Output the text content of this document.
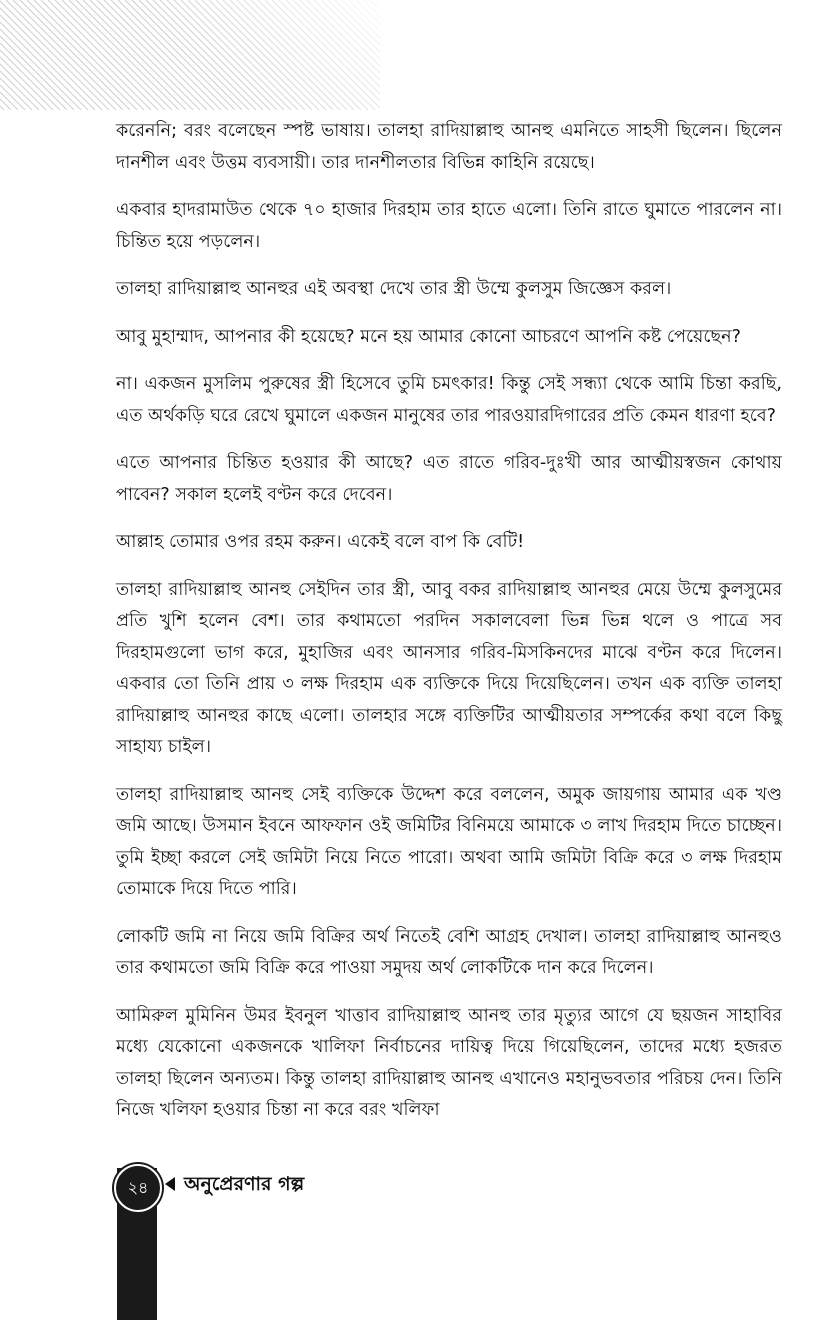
করেননি; বরং বলেছেন স্পষ্ট ভাষায়। তালহা রাদিয়াল্লাহু আনহু এমনিতে সাহসী ছিলেন। ছিলেন দানশীল এবং উত্তম ব্যবসায়ী। তার দানশীলতার বিভিন্ন কাহিনি রয়েছে।

একবার হাদরামাউত থেকে ৭০ হাজার দিরহাম তার হাতে এলো। তিনি রাতে ঘুমাতে পারলেন না। চিন্তিত হয়ে পড়লেন।

তালহা রাদিয়াল্লাহু আনহুর এই অবস্থা দেখে তার স্ত্রী উম্মে কুলসুম জিজ্ঞেস করল।

আবু মুহাম্মাদ, আপনার কী হয়েছে? মনে হয় আমার কোনো আচরণে আপনি কষ্ট পেয়েছেন?

না। একজন মুসলিম পুরুষের স্ত্রী হিসেবে তুমি চমৎকার! কিন্তু সেই সন্ধ্যা থেকে আমি চিন্তা করছি, এত অর্থকড়ি ঘরে রেখে ঘুমালে একজন মানুষের তার পারওয়ারদিগারের প্রতি কেমন ধারণা হবে?

এতে আপনার চিন্তিত হওয়ার কী আছে? এত রাতে গরিব-দুঃখী আর আত্মীয়স্বজন কোথায় পাবেন? সকাল হলেই বণ্টন করে দেবেন।

আল্লাহ তোমার ওপর রহম করুন। একেই বলে বাপ কি বেটি!

তালহা রাদিয়াল্লাহু আনহু সেইদিন তার স্ত্রী, আবু বকর রাদিয়াল্লাহু আনহুর মেয়ে উম্মে কুলসুমের প্রতি খুশি হলেন বেশ। তার কথামতো পরদিন সকালবেলা ভিন্ন ভিন্ন থলে ও পাত্রে সব দিরহামগুলো ভাগ করে, মুহাজির এবং আনসার গরিব-মিসকিনদের মাঝে বণ্টন করে দিলেন। একবার তো তিনি প্রায় ৩ লক্ষ দিরহাম এক ব্যক্তিকে দিয়ে দিয়েছিলেন। তখন এক ব্যক্তি তালহা রাদিয়াল্লাহু আনহুর কাছে এলো। তালহার সঙ্গে ব্যক্তিটির আত্মীয়তার সম্পর্কের কথা বলে কিছু সাহায্য চাইল।

তালহা রাদিয়াল্লাহু আনহু সেই ব্যক্তিকে উদ্দেশ করে বললেন, অমুক জায়গায় আমার এক খণ্ড জমি আছে। উসমান ইবনে আফফান ওই জমিটির বিনিময়ে আমাকে ৩ লাখ দিরহাম দিতে চাচ্ছেন। তুমি ইচ্ছা করলে সেই জমিটা নিয়ে নিতে পারো। অথবা আমি জমিটা বিক্রি করে ৩ লক্ষ দিরহাম তোমাকে দিয়ে দিতে পারি।

লোকটি জমি না নিয়ে জমি বিক্রির অর্থ নিতেই বেশি আগ্রহ দেখাল। তালহা রাদিয়াল্লাহু আনহুও তার কথামতো জমি বিক্রি করে পাওয়া সমুদয় অর্থ লোকটিকে দান করে দিলেন।

আমিরুল মুমিনিন উমর ইবনুল খাত্তাব রাদিয়াল্লাহু আনহু তার মৃত্যুর আগে যে ছয়জন সাহাবির মধ্যে যেকোনো একজনকে খালিফা নির্বাচনের দায়িত্ব দিয়ে গিয়েছিলেন, তাদের মধ্যে হজরত তালহা ছিলেন অন্যতম। কিন্তু তালহা রাদিয়াল্লাহু আনহু এখানেও মহানুভবতার পরিচয় দেন। তিনি নিজে খলিফা হওয়ার চিন্তা না করে বরং খলিফা

২৪	অনুপ্রেরণার গল্প
